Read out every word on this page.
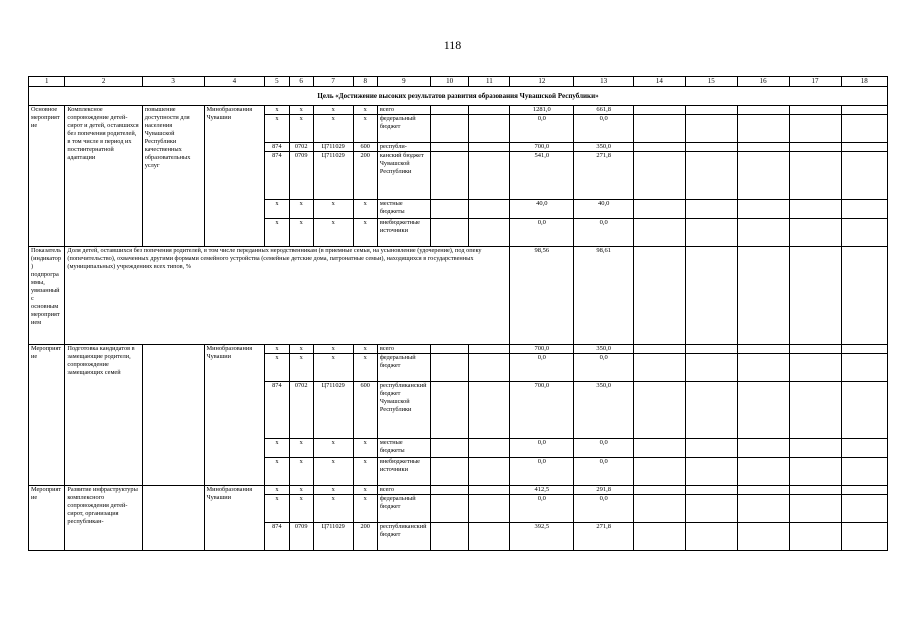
118
1	2	3	4	5	6	7	8	9	10	11	12	13	14	15	16	17	18
Цель «Достижение высоких результатов развития образования Чувашской Республики»																	
Основное мероприятие	Комплексное сопровождение детей-сирот и детей, оставшихся без попечения родителей, в том числе в период их постинтернатной адаптации	повышение доступности для населения Чувашской Республики качественных образовательных услуг	Минобразования Чувашии	x	x	x	x	всего			1281,0	661,8					
				x	x	x	x	федеральный бюджет			0,0	0,0					
				874	0702	Ц711029	600	республи-			700,0	350,0					
				874	0709	Ц711029	200	канский бюджет Чувашской Республики			541,0	271,8					
				x	x	x	x	местные бюджеты			40,0	40,0					
				x	x	x	x	внебюджетные источники			0,0	0,0					
Показатель (индикатор) подпрограммы, увязанный с основным мероприятием	Доля детей, оставшихся без попечения родителей, в том числе переданных неродственникам (в приемные семьи, на усыновление (удочерение), под опеку (попечительство), охваченных другими формами семейного устройства (семейные детские дома, патронатные семьи), находящихся в государственных (муниципальных) учреждениях всех типов, %										98,56	98,61					
Мероприятие	Подготовка кандидатов в замещающие родители, сопровождение замещающих семей		Минобразования Чувашии	x	x	x	x	всего			700,0	350,0					
				x	x	x	x	федеральный бюджет			0,0	0,0					
				874	0702	Ц711029	600	республиканский бюджет Чувашской Республики			700,0	350,0					
				x	x	x	x	местные бюджеты			0,0	0,0					
				x	x	x	x	внебюджетные источники			0,0	0,0					
Мероприятие	Развитие инфраструктуры комплексного сопровождения детей-сирот, организация республикан-		Минобразования Чувашии	x	x	x	x	всего			412,5	291,8					
				x	x	x	x	федеральный бюджет			0,0	0,0					
				874	0709	Ц711029	200	республиканский бюджет			392,5	271,8					
